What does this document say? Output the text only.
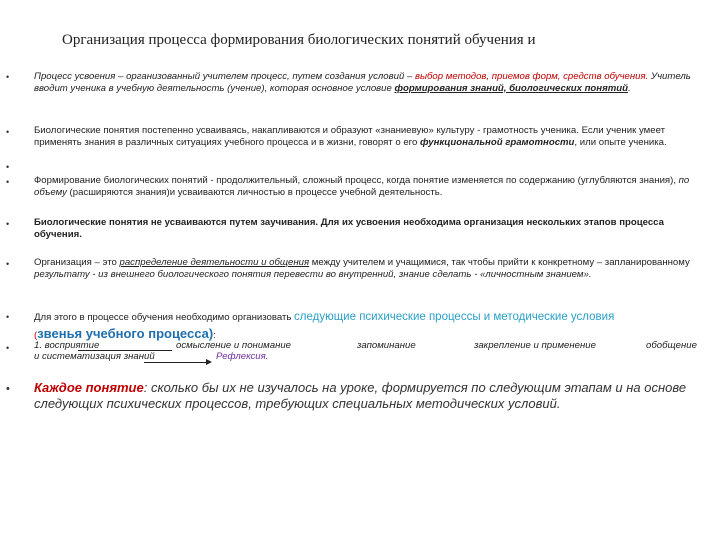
Организация процесса формирования биологических понятий обучения и
•
•
•
•
•
•
•
•
•
Процесс усвоения – организованный учителем процесс, путем создания условий – выбор методов, приемов форм, средств обучения. Учитель вводит ученика в учебную деятельность (учение), которая основное условие формирования знаний, биологических понятий.
Биологические понятия постепенно усваиваясь, накапливаются и образуют «знаниевую» культуру - грамотность ученика. Если ученик умеет применять знания в различных ситуациях учебного процесса и в жизни, говорят о его функциональной грамотности, или опыте ученика.
Формирование биологических понятий - продолжительный, сложный процесс, когда понятие изменяется по содержанию (углубляются знания), по объему (расширяются знания)и усваиваются личностью в процессе учебной деятельность.
Биологические понятия не усваиваются путем заучивания. Для их усвоения необходима организация нескольких этапов процесса обучения.
Организация – это распределение деятельности и общения между учителем и учащимися, так чтобы прийти к конкретному – запланированному результату - из внешнего биологического понятия перевести во внутренний, знание сделать - «личностным знанием».
Для этого в процессе обучения необходимо организовать следующие психические процессы и методические условия
(звенья учебного процесса):
1. восприятие	осмысление и понимание	запоминание	закрепление и применение	обобщение
и систематизация знаний	Рефлексия.
Каждое понятие: сколько бы их не изучалось на уроке, формируется по следующим этапам и на основе следующих психических процессов, требующих специальных методических условий.
